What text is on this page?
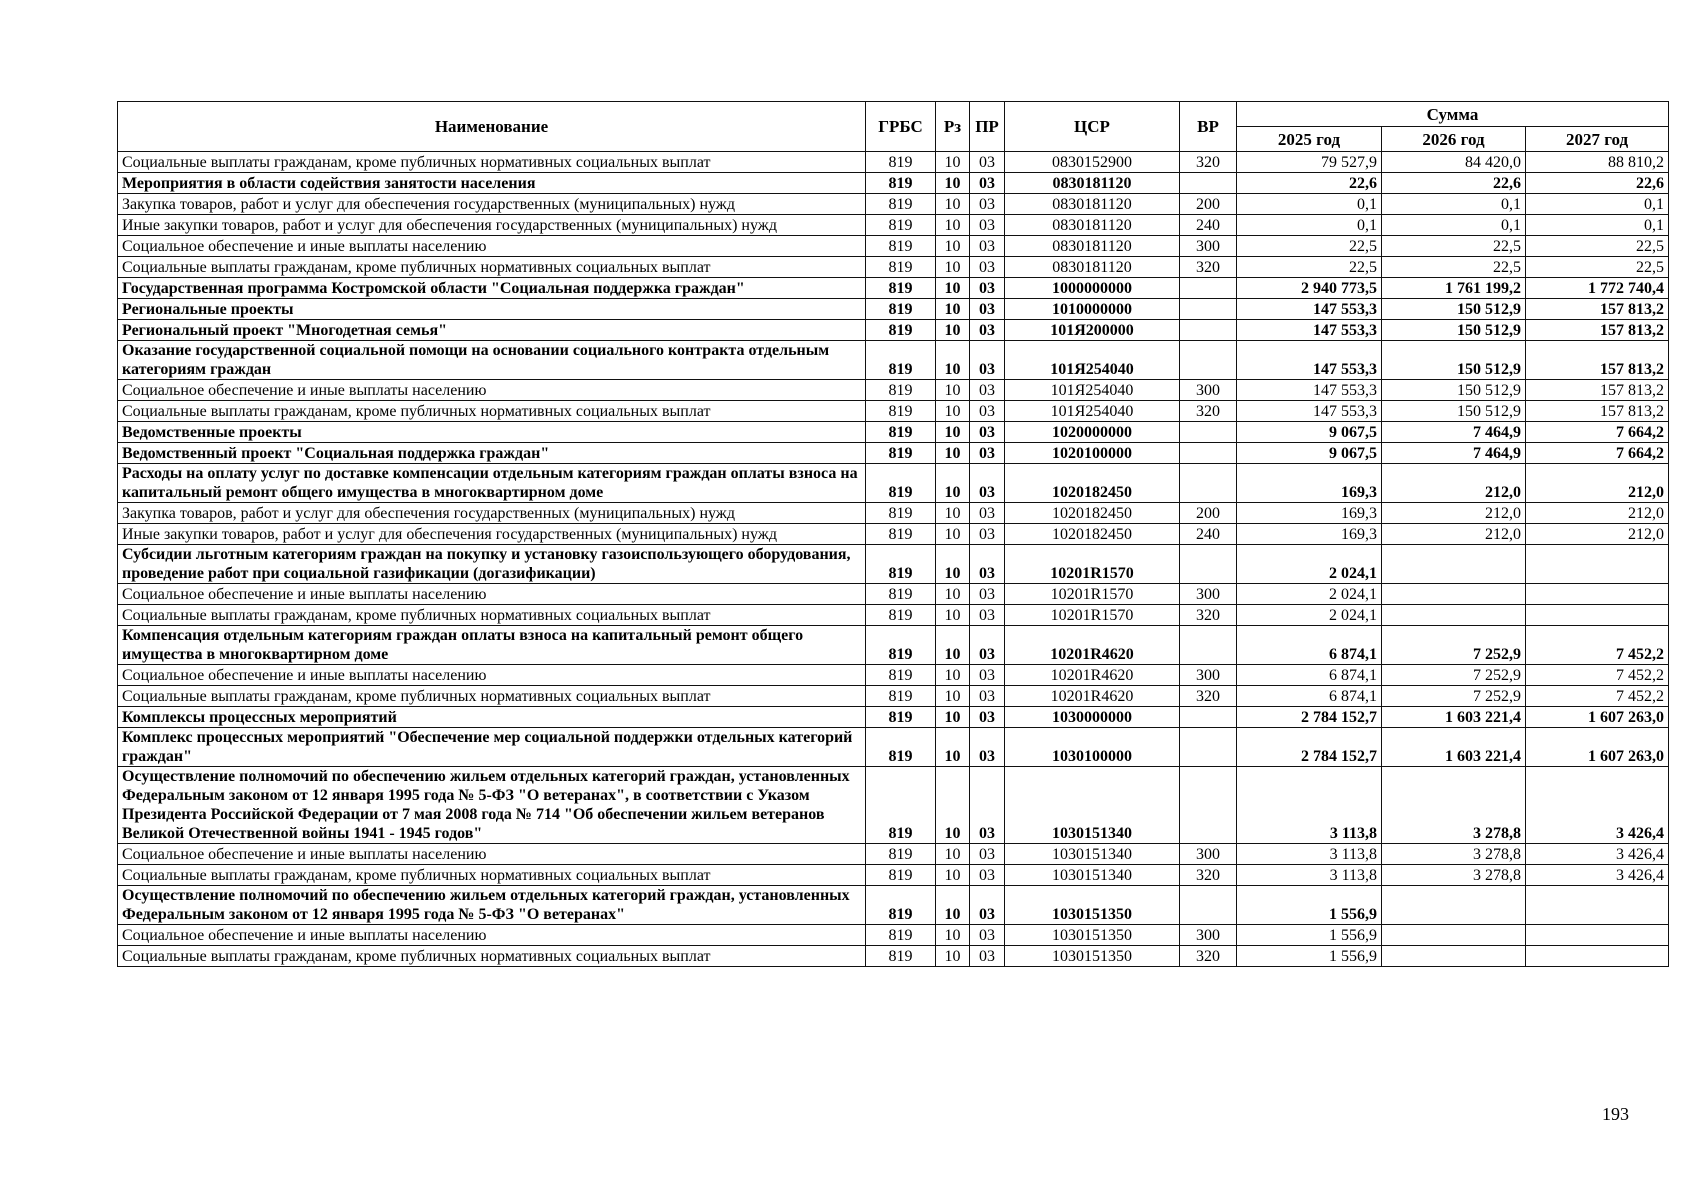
Наименование	ГРБС	Рз	ПР	ЦСР	ВР	Сумма		
						2025 год	2026 год	2027 год
Социальные выплаты гражданам, кроме публичных нормативных социальных выплат	819	10	03	0830152900	320	79 527,9	84 420,0	88 810,2
Мероприятия в области содействия занятости населения	819	10	03	0830181120		22,6	22,6	22,6
Закупка товаров, работ и услуг для обеспечения государственных (муниципальных) нужд	819	10	03	0830181120	200	0,1	0,1	0,1
Иные закупки товаров, работ и услуг для обеспечения государственных (муниципальных) нужд	819	10	03	0830181120	240	0,1	0,1	0,1
Социальное обеспечение и иные выплаты населению	819	10	03	0830181120	300	22,5	22,5	22,5
Социальные выплаты гражданам, кроме публичных нормативных социальных выплат	819	10	03	0830181120	320	22,5	22,5	22,5
Государственная программа Костромской области "Социальная поддержка граждан"	819	10	03	1000000000		2 940 773,5	1 761 199,2	1 772 740,4
Региональные проекты	819	10	03	1010000000		147 553,3	150 512,9	157 813,2
Региональный проект "Многодетная семья"	819	10	03	101Я200000		147 553,3	150 512,9	157 813,2
Оказание государственной социальной помощи на основании социального контракта отдельным категориям граждан	819	10	03	101Я254040		147 553,3	150 512,9	157 813,2
Социальное обеспечение и иные выплаты населению	819	10	03	101Я254040	300	147 553,3	150 512,9	157 813,2
Социальные выплаты гражданам, кроме публичных нормативных социальных выплат	819	10	03	101Я254040	320	147 553,3	150 512,9	157 813,2
Ведомственные проекты	819	10	03	1020000000		9 067,5	7 464,9	7 664,2
Ведомственный проект "Социальная поддержка граждан"	819	10	03	1020100000		9 067,5	7 464,9	7 664,2
Расходы на оплату услуг по доставке компенсации отдельным категориям граждан оплаты взноса на капитальный ремонт общего имущества в многоквартирном доме	819	10	03	1020182450		169,3	212,0	212,0
Закупка товаров, работ и услуг для обеспечения государственных (муниципальных) нужд	819	10	03	1020182450	200	169,3	212,0	212,0
Иные закупки товаров, работ и услуг для обеспечения государственных (муниципальных) нужд	819	10	03	1020182450	240	169,3	212,0	212,0
Субсидии льготным категориям граждан на покупку и установку газоиспользующего оборудования, проведение работ при социальной газификации (догазификации)	819	10	03	10201R1570		2 024,1		
Социальное обеспечение и иные выплаты населению	819	10	03	10201R1570	300	2 024,1		
Социальные выплаты гражданам, кроме публичных нормативных социальных выплат	819	10	03	10201R1570	320	2 024,1		
Компенсация отдельным категориям граждан оплаты взноса на капитальный ремонт общего имущества в многоквартирном доме	819	10	03	10201R4620		6 874,1	7 252,9	7 452,2
Социальное обеспечение и иные выплаты населению	819	10	03	10201R4620	300	6 874,1	7 252,9	7 452,2
Социальные выплаты гражданам, кроме публичных нормативных социальных выплат	819	10	03	10201R4620	320	6 874,1	7 252,9	7 452,2
Комплексы процессных мероприятий	819	10	03	1030000000		2 784 152,7	1 603 221,4	1 607 263,0
Комплекс процессных мероприятий "Обеспечение мер социальной поддержки отдельных категорий граждан"	819	10	03	1030100000		2 784 152,7	1 603 221,4	1 607 263,0
Осуществление полномочий по обеспечению жильем отдельных категорий граждан, установленных Федеральным законом от 12 января 1995 года № 5-ФЗ "О ветеранах", в соответствии с Указом Президента Российской Федерации от 7 мая 2008 года № 714 "Об обеспечении жильем ветеранов Великой Отечественной войны 1941 - 1945 годов"	819	10	03	1030151340		3 113,8	3 278,8	3 426,4
Социальное обеспечение и иные выплаты населению	819	10	03	1030151340	300	3 113,8	3 278,8	3 426,4
Социальные выплаты гражданам, кроме публичных нормативных социальных выплат	819	10	03	1030151340	320	3 113,8	3 278,8	3 426,4
Осуществление полномочий по обеспечению жильем отдельных категорий граждан, установленных Федеральным законом от 12 января 1995 года № 5-ФЗ "О ветеранах"	819	10	03	1030151350		1 556,9		
Социальное обеспечение и иные выплаты населению	819	10	03	1030151350	300	1 556,9		
Социальные выплаты гражданам, кроме публичных нормативных социальных выплат	819	10	03	1030151350	320	1 556,9		
193
